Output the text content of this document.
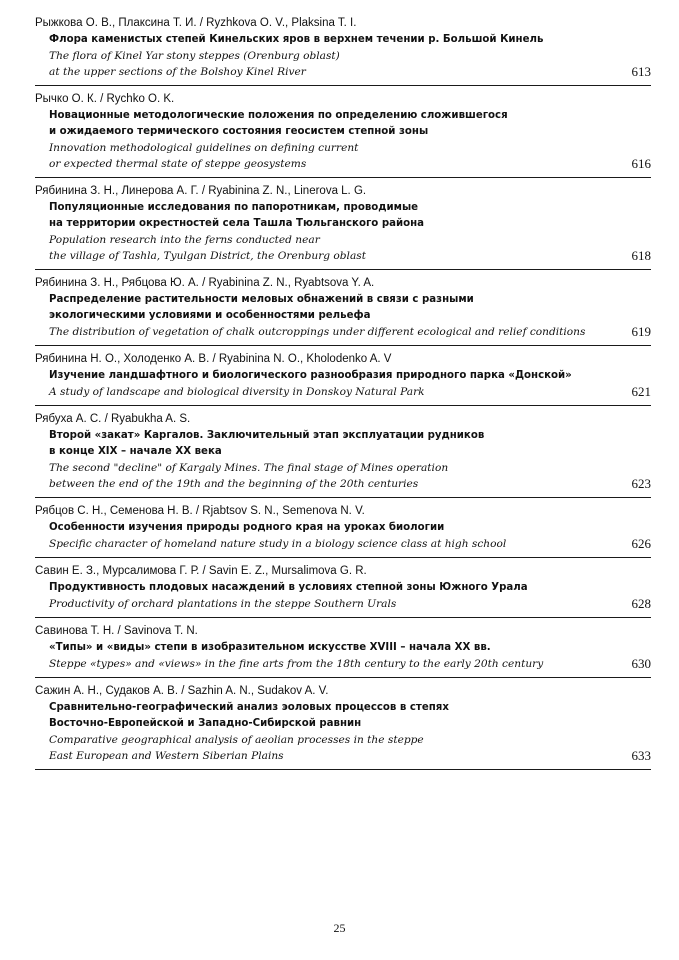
Рыжкова О. В., Плаксина Т. И. / Ryzhkova O. V., Plaksina T. I.
Флора каменистых степей Кинельских яров в верхнем течении р. Большой Кинель
The flora of Kinel Yar stony steppes (Orenburg oblast)
at the upper sections of the Bolshoy Kinel River	613
Рычко О. К. / Rychko O. K.
Новационные методологические положения по определению сложившегося
и ожидаемого термического состояния геосистем степной зоны
Innovation methodological guidelines on defining current
or expected thermal state of steppe geosystems	616
Рябинина З. Н., Линерова А. Г. / Ryabinina Z. N., Linerova L. G.
Популяционные исследования по папоротникам, проводимые
на территории окрестностей села Ташла Тюльганского района
Population research into the ferns conducted near
the village of Tashla, Tyulgan District, the Orenburg oblast	618
Рябинина З. Н., Рябцова Ю. А. / Ryabinina Z. N., Ryabtsova Y. A.
Распределение растительности меловых обнажений в связи с разными
экологическими условиями и особенностями рельефа
The distribution of vegetation of chalk outcroppings under different ecological and relief conditions	619
Рябинина Н. О., Холоденко А. В. / Ryabinina N. O., Kholodenko A. V
Изучение ландшафтного и биологического разнообразия природного парка «Донской»
A study of landscape and biological diversity in Donskoy Natural Park	621
Рябуха А. С. / Ryabukha A. S.
Второй «закат» Каргалов. Заключительный этап эксплуатации рудников
в конце XIX – начале XX века
The second "decline" of Kargaly Mines. The final stage of Mines operation
between the end of the 19th and the beginning of the 20th centuries	623
Рябцов С. Н., Семенова Н. В. / Rjabtsov S. N., Semenova N. V.
Особенности изучения природы родного края на уроках биологии
Specific character of homeland nature study in a biology science class at high school	626
Савин Е. З., Мурсалимова Г. Р. / Savin E. Z., Mursalimova G. R.
Продуктивность плодовых насаждений в условиях степной зоны Южного Урала
Productivity of orchard plantations in the steppe Southern Urals	628
Савинова Т. Н. / Savinova T. N.
«Типы» и «виды» степи в изобразительном искусстве XVIII – начала XX вв.
Steppe «types» and «views» in the fine arts from the 18th century to the early 20th century	630
Сажин А. Н., Судаков А. В. / Sazhin A. N., Sudakov A. V.
Сравнительно-географический анализ эоловых процессов в степях
Восточно-Европейской и Западно-Сибирской равнин
Comparative geographical analysis of aeolian processes in the steppe
East European and Western Siberian Plains	633
25
